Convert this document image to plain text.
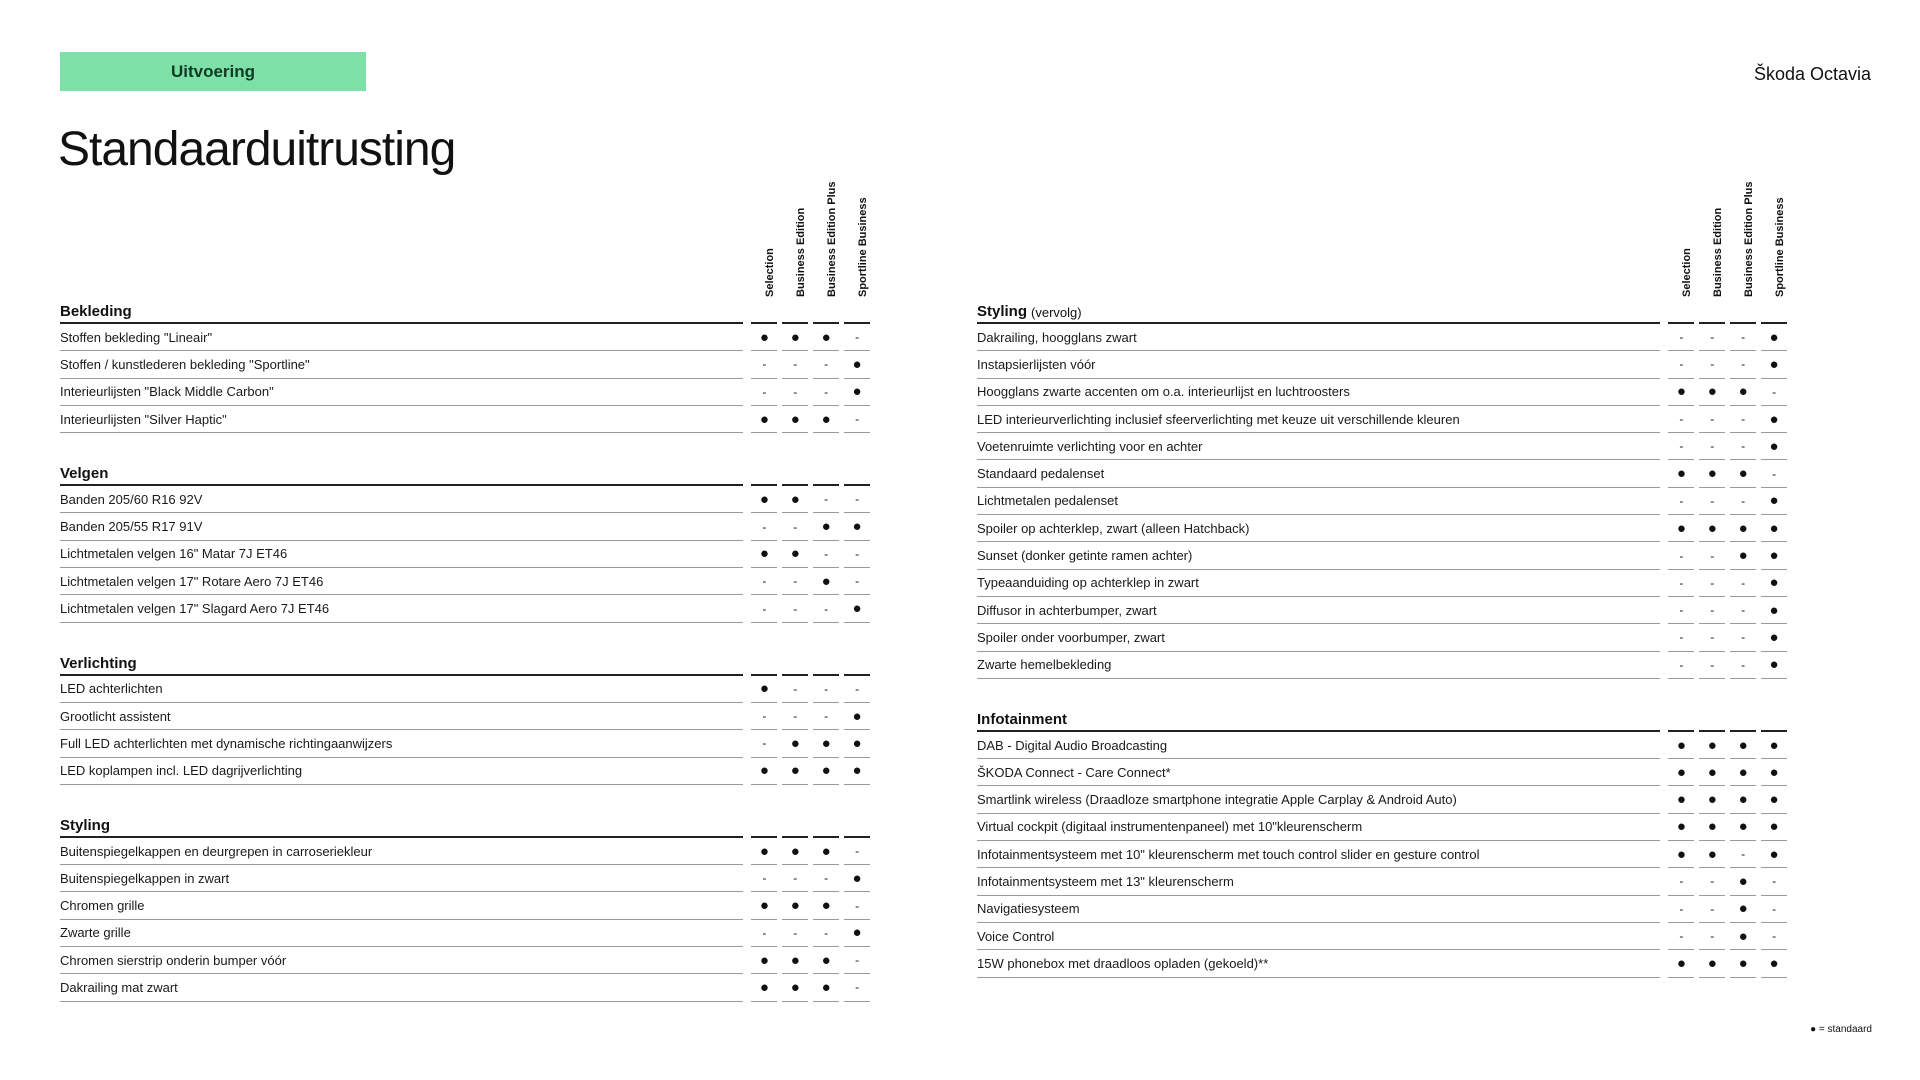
Uitvoering	Škoda Octavia
Standaarduitrusting
Selection Business Edition Business Edition Plus Sportline Business
Bekleding
Stoffen bekleding "Lineair"	●	●	●	-
Stoffen / kunstlederen bekleding "Sportline"	-	-	-	●
Interieurlijsten "Black Middle Carbon"	-	-	-	●
Interieurlijsten "Silver Haptic"	●	●	●	-
Velgen
Banden 205/60 R16 92V	●	●	-	-
Banden 205/55 R17 91V	-	-	●	●
Lichtmetalen velgen 16" Matar 7J ET46	●	●	-	-
Lichtmetalen velgen 17" Rotare Aero 7J ET46	-	-	●	-
Lichtmetalen velgen 17" Slagard Aero 7J ET46	-	-	-	●
Verlichting
LED achterlichten	●	-	-	-
Grootlicht assistent	-	-	-	●
Full LED achterlichten met dynamische richtingaanwijzers	-	●	●	●
LED koplampen incl. LED dagrijverlichting	●	●	●	●
Styling
Buitenspiegelkappen en deurgrepen in carroseriekleur	●	●	●	-
Buitenspiegelkappen in zwart	-	-	-	●
Chromen grille	●	●	●	-
Zwarte grille	-	-	-	●
Chromen sierstrip onderin bumper vóór	●	●	●	-
Dakrailing mat zwart	●	●	●	-
Selection Business Edition Business Edition Plus Sportline Business
Styling (vervolg)
Dakrailing, hoogglans zwart	-	-	-	●
Instapsierlijsten vóór	-	-	-	●
Hoogglans zwarte accenten om o.a. interieurlijst en luchtroosters	●	●	●	-
LED interieurverlichting inclusief sfeerverlichting met keuze uit verschillende kleuren	-	-	-	●
Voetenruimte verlichting voor en achter	-	-	-	●
Standaard pedalenset	●	●	●	-
Lichtmetalen pedalenset	-	-	-	●
Spoiler op achterklep, zwart (alleen Hatchback)	●	●	●	●
Sunset (donker getinte ramen achter)	-	-	●	●
Typeaanduiding op achterklep in zwart	-	-	-	●
Diffusor in achterbumper, zwart	-	-	-	●
Spoiler onder voorbumper, zwart	-	-	-	●
Zwarte hemelbekleding	-	-	-	●
Infotainment
DAB - Digital Audio Broadcasting	●	●	●	●
ŠKODA Connect - Care Connect*	●	●	●	●
Smartlink wireless (Draadloze smartphone integratie Apple Carplay & Android Auto)	●	●	●	●
Virtual cockpit (digitaal instrumentenpaneel) met 10"kleurenscherm	●	●	●	●
Infotainmentsysteem met 10" kleurenscherm met touch control slider en gesture control	●	●	-	●
Infotainmentsysteem met 13" kleurenscherm	-	-	●	-
Navigatiesysteem	-	-	●	-
Voice Control	-	-	●	-
15W phonebox met draadloos opladen (gekoeld)**	●	●	●	●
● = standaard
